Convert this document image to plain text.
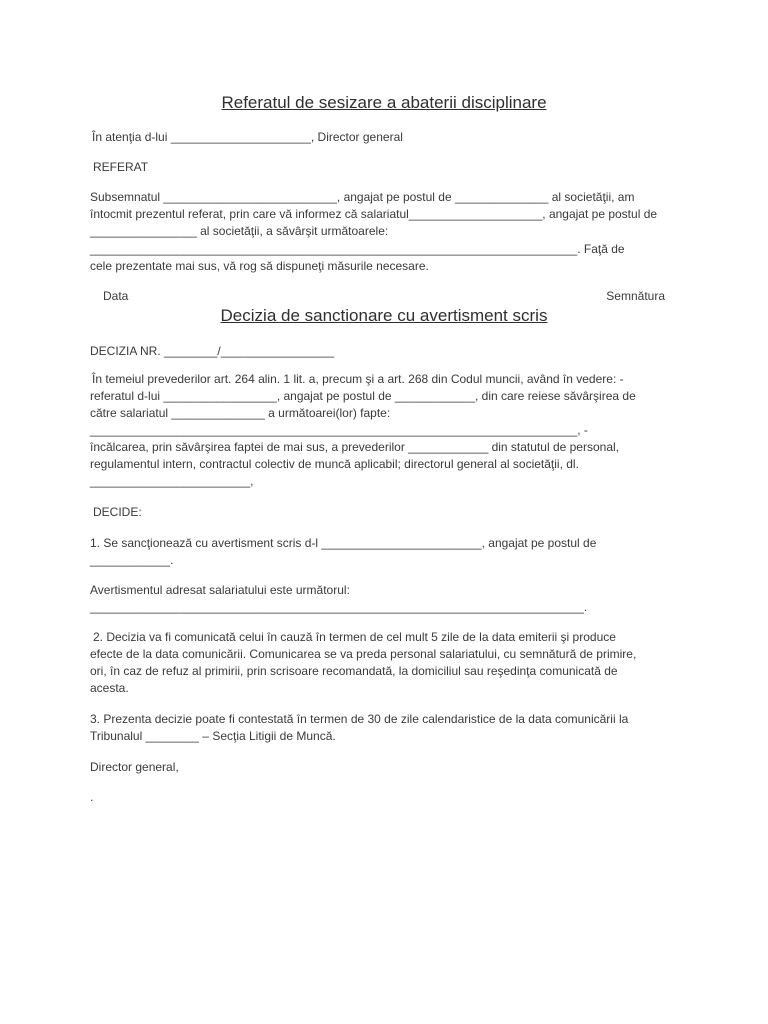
Referatul de sesizare a abaterii disciplinare
În atenţia d-lui _____________________, Director general
REFERAT
Subsemnatul __________________________, angajat pe postul de ______________ al societăţii, am
întocmit prezentul referat, prin care vă informez că salariatul____________________, angajat pe postul de
________________ al societăţii, a săvârşit următoarele:
_________________________________________________________________________. Faţă de
cele prezentate mai sus, vă rog să dispuneţi măsurile necesare.
Data	Semnătura
Decizia de sanctionare cu avertisment scris
DECIZIA NR. ________/_________________
În temeiul prevederilor art. 264 alin. 1 lit. a, precum şi a art. 268 din Codul muncii, având în vedere: -
referatul d-lui _________________, angajat pe postul de ____________, din care reiese săvârşirea de
către salariatul ______________ a următoarei(lor) fapte:
_________________________________________________________________________, -
încălcarea, prin săvârşirea faptei de mai sus, a prevederilor ____________ din statutul de personal,
regulamentul intern, contractul colectiv de muncă aplicabil; directorul general al societăţii, dl.
________________________,
DECIDE:
1. Se sancţionează cu avertisment scris d-l ________________________, angajat pe postul de
____________.
Avertismentul adresat salariatului este următorul:
__________________________________________________________________________.
2. Decizia va fi comunicată celui în cauză în termen de cel mult 5 zile de la data emiterii şi produce
efecte de la data comunicării. Comunicarea se va preda personal salariatului, cu semnătură de primire,
ori, în caz de refuz al primirii, prin scrisoare recomandată, la domiciliul sau reşedinţa comunicată de
acesta.
3. Prezenta decizie poate fi contestată în termen de 30 de zile calendaristice de la data comunicării la
Tribunalul ________ – Secţia Litigii de Muncă.
Director general,
.
